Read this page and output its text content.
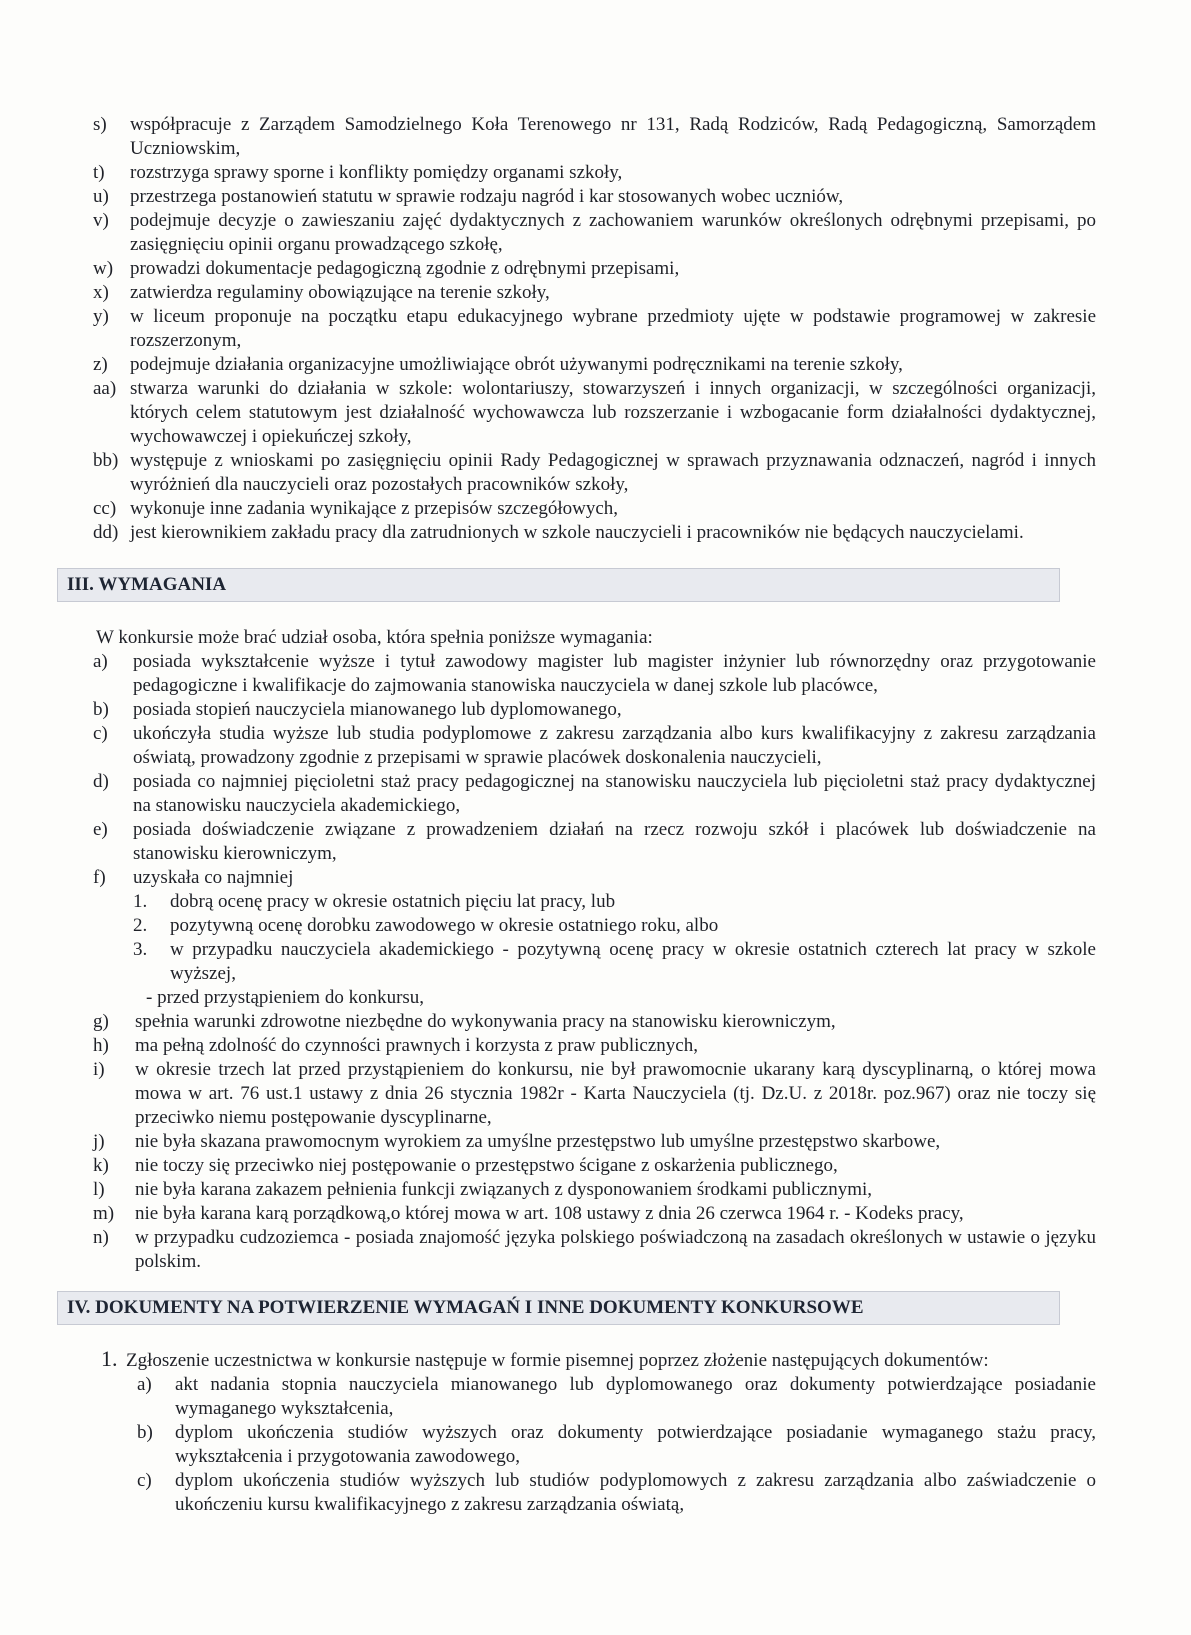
s) współpracuje z Zarządem Samodzielnego Koła Terenowego nr 131, Radą Rodziców, Radą Pedagogiczną, Samorządem Uczniowskim,
t) rozstrzyga sprawy sporne i konflikty pomiędzy organami szkoły,
u) przestrzega postanowień statutu w sprawie rodzaju nagród i kar stosowanych wobec uczniów,
v) podejmuje decyzje o zawieszaniu zajęć dydaktycznych z zachowaniem warunków określonych odrębnymi przepisami, po zasięgnięciu opinii organu prowadzącego szkołę,
w) prowadzi dokumentacje pedagogiczną zgodnie z odrębnymi przepisami,
x) zatwierdza regulaminy obowiązujące na terenie szkoły,
y) w liceum proponuje na początku etapu edukacyjnego wybrane przedmioty ujęte w podstawie programowej w zakresie rozszerzonym,
z) podejmuje działania organizacyjne umożliwiające obrót używanymi podręcznikami na terenie szkoły,
aa) stwarza warunki do działania w szkole: wolontariuszy, stowarzyszeń i innych organizacji, w szczególności organizacji, których celem statutowym jest działalność wychowawcza lub rozszerzanie i wzbogacanie form działalności dydaktycznej, wychowawczej i opiekuńczej szkoły,
bb) występuje z wnioskami po zasięgnięciu opinii Rady Pedagogicznej w sprawach przyznawania odznaczeń, nagród i innych wyróżnień dla nauczycieli oraz pozostałych pracowników szkoły,
cc) wykonuje inne zadania wynikające z przepisów szczegółowych,
dd) jest kierownikiem zakładu pracy dla zatrudnionych w szkole nauczycieli i pracowników nie będących nauczycielami.
III. WYMAGANIA
W konkursie może brać udział osoba, która spełnia poniższe wymagania:
a) posiada wykształcenie wyższe i tytuł zawodowy magister lub magister inżynier lub równorzędny oraz przygotowanie pedagogiczne i kwalifikacje do zajmowania stanowiska nauczyciela w danej szkole lub placówce,
b) posiada stopień nauczyciela mianowanego lub dyplomowanego,
c) ukończyła studia wyższe lub studia podyplomowe z zakresu zarządzania albo kurs kwalifikacyjny z zakresu zarządzania oświatą, prowadzony zgodnie z przepisami w sprawie placówek doskonalenia nauczycieli,
d) posiada co najmniej pięcioletni staż pracy pedagogicznej na stanowisku nauczyciela lub pięcioletni staż pracy dydaktycznej na stanowisku nauczyciela akademickiego,
e) posiada doświadczenie związane z prowadzeniem działań na rzecz rozwoju szkół i placówek lub doświadczenie na stanowisku kierowniczym,
f) uzyskała co najmniej
1. dobrą ocenę pracy w okresie ostatnich pięciu lat pracy, lub
2. pozytywną ocenę dorobku zawodowego w okresie ostatniego roku, albo
3. w przypadku nauczyciela akademickiego - pozytywną ocenę pracy w okresie ostatnich czterech lat pracy w szkole wyższej,
- przed przystąpieniem do konkursu,
g) spełnia warunki zdrowotne niezbędne do wykonywania pracy na stanowisku kierowniczym,
h) ma pełną zdolność do czynności prawnych i korzysta z praw publicznych,
i) w okresie trzech lat przed przystąpieniem do konkursu, nie był prawomocnie ukarany karą dyscyplinarną, o której mowa mowa w art. 76 ust.1 ustawy z dnia 26 stycznia 1982r - Karta Nauczyciela (tj. Dz.U. z 2018r. poz.967) oraz nie toczy się przeciwko niemu postępowanie dyscyplinarne,
j) nie była skazana prawomocnym wyrokiem za umyślne przestępstwo lub umyślne przestępstwo skarbowe,
k) nie toczy się przeciwko niej postępowanie o przestępstwo ścigane z oskarżenia publicznego,
l) nie była karana zakazem pełnienia funkcji związanych z dysponowaniem środkami publicznymi,
m) nie była karana karą porządkową,o której mowa w art. 108 ustawy z dnia 26 czerwca 1964 r. - Kodeks pracy,
n) w przypadku cudzoziemca - posiada znajomość języka polskiego poświadczoną na zasadach określonych w ustawie o języku polskim.
IV. DOKUMENTY NA POTWIERZENIE WYMAGAŃ I INNE DOKUMENTY KONKURSOWE
1. Zgłoszenie uczestnictwa w konkursie następuje w formie pisemnej poprzez złożenie następujących dokumentów:
a) akt nadania stopnia nauczyciela mianowanego lub dyplomowanego oraz dokumenty potwierdzające posiadanie wymaganego wykształcenia,
b) dyplom ukończenia studiów wyższych oraz dokumenty potwierdzające posiadanie wymaganego stażu pracy, wykształcenia i przygotowania zawodowego,
c) dyplom ukończenia studiów wyższych lub studiów podyplomowych z zakresu zarządzania albo zaświadczenie o ukończeniu kursu kwalifikacyjnego z zakresu zarządzania oświatą,
